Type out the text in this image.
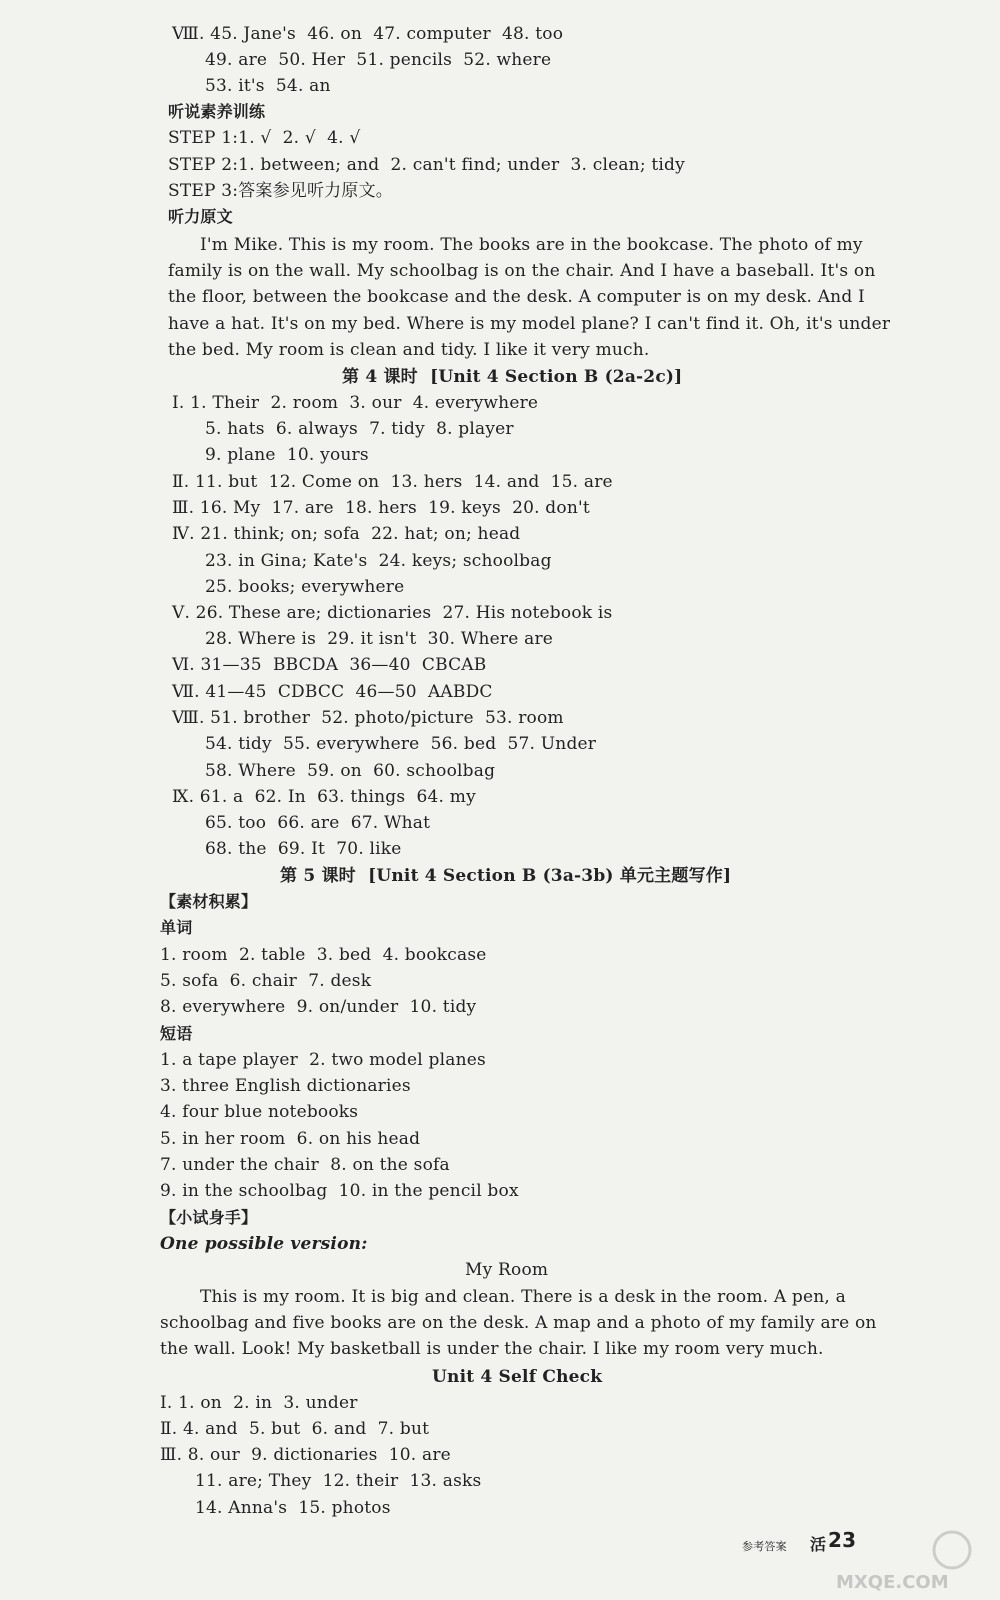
Ⅷ. 45. Jane's  46. on  47. computer  48. too
49. are  50. Her  51. pencils  52. where
53. it's  54. an
听说素养训练
STEP 1:1. √  2. √  4. √
STEP 2:1. between; and  2. can't find; under  3. clean; tidy
STEP 3:答案参见听力原文。
听力原文
I'm Mike. This is my room. The books are in the bookcase. The photo of my
family is on the wall. My schoolbag is on the chair. And I have a baseball. It's on
the floor, between the bookcase and the desk. A computer is on my desk. And I
have a hat. It's on my bed. Where is my model plane? I can't find it. Oh, it's under
the bed. My room is clean and tidy. I like it very much.
第 4 课时  [Unit 4 Section B (2a-2c)]
Ⅰ. 1. Their  2. room  3. our  4. everywhere
5. hats  6. always  7. tidy  8. player
9. plane  10. yours
Ⅱ. 11. but  12. Come on  13. hers  14. and  15. are
Ⅲ. 16. My  17. are  18. hers  19. keys  20. don't
Ⅳ. 21. think; on; sofa  22. hat; on; head
23. in Gina; Kate's  24. keys; schoolbag
25. books; everywhere
Ⅴ. 26. These are; dictionaries  27. His notebook is
28. Where is  29. it isn't  30. Where are
Ⅵ. 31—35  BBCDA  36—40  CBCAB
Ⅶ. 41—45  CDBCC  46—50  AABDC
Ⅷ. 51. brother  52. photo/picture  53. room
54. tidy  55. everywhere  56. bed  57. Under
58. Where  59. on  60. schoolbag
Ⅸ. 61. a  62. In  63. things  64. my
65. too  66. are  67. What
68. the  69. It  70. like
第 5 课时  [Unit 4 Section B (3a-3b) 单元主题写作]
【素材积累】
单词
1. room  2. table  3. bed  4. bookcase
5. sofa  6. chair  7. desk
8. everywhere  9. on/under  10. tidy
短语
1. a tape player  2. two model planes
3. three English dictionaries
4. four blue notebooks
5. in her room  6. on his head
7. under the chair  8. on the sofa
9. in the schoolbag  10. in the pencil box
【小试身手】
One possible version:
My Room
This is my room. It is big and clean. There is a desk in the room. A pen, a
schoolbag and five books are on the desk. A map and a photo of my family are on
the wall. Look! My basketball is under the chair. I like my room very much.
Unit 4 Self Check
Ⅰ. 1. on  2. in  3. under
Ⅱ. 4. and  5. but  6. and  7. but
Ⅲ. 8. our  9. dictionaries  10. are
11. are; They  12. their  13. asks
14. Anna's  15. photos
参考答案 活 23
MXQE.COM
